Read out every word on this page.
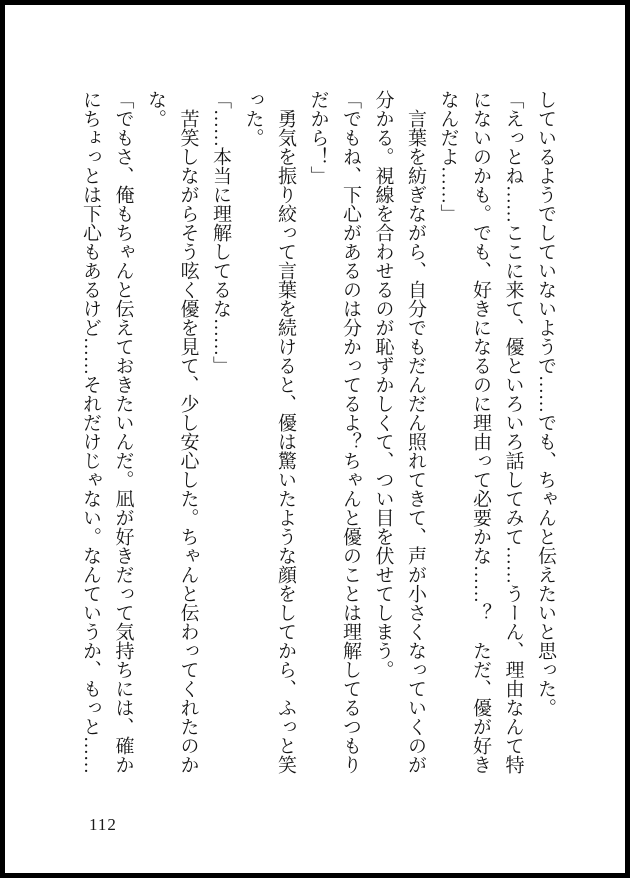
しているようでしていないようで……でも、ちゃんと伝えたいと思った。

「えっとね……ここに来て、優といろいろ話してみて……うーん、理由なんて特にないのかも。でも、好きになるのに理由って必要かな……？　ただ、優が好きなんだよ……」

　言葉を紡ぎながら、自分でもだんだん照れてきて、声が小さくなっていくのが分かる。視線を合わせるのが恥ずかしくて、つい目を伏せてしまう。

「でもね、下心があるのは分かってるよ？ちゃんと優のことは理解してるつもりだから！」

　勇気を振り絞って言葉を続けると、優は驚いたような顔をしてから、ふっと笑った。

「……本当に理解してるな……」

　苦笑しながらそう呟く優を見て、少し安心した。ちゃんと伝わってくれたのかな。

「でもさ、俺もちゃんと伝えておきたいんだ。凪が好きだって気持ちには、確かにちょっとは下心もあるけど……それだけじゃない。なんていうか、もっと……

112
